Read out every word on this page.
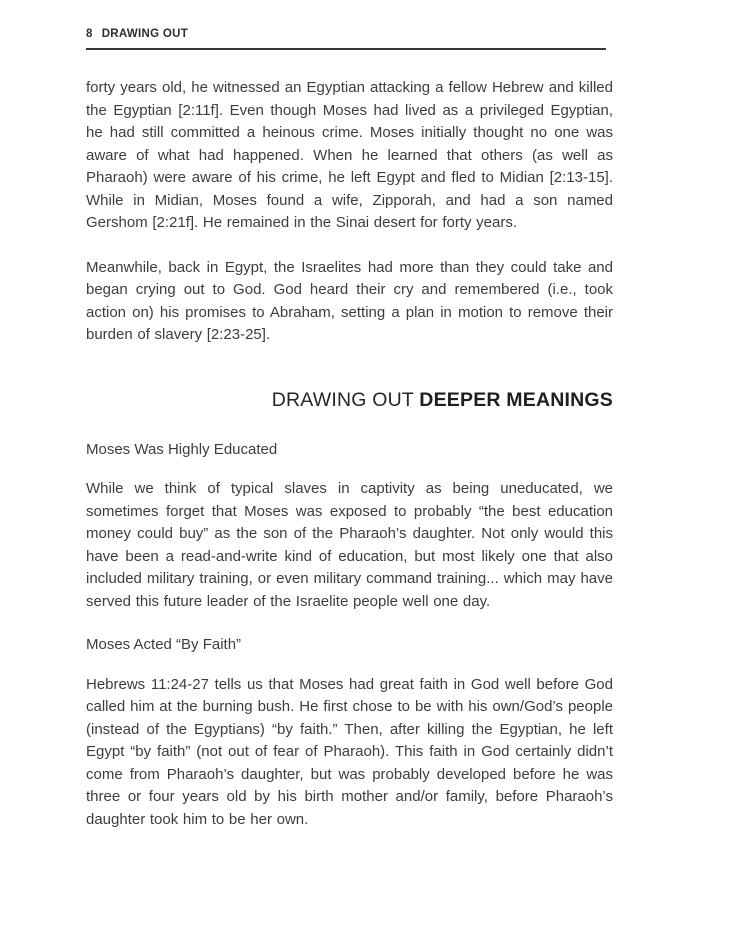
8 DRAWING OUT

forty years old, he witnessed an Egyptian attacking a fellow Hebrew and killed the Egyptian [2:11f]. Even though Moses had lived as a privileged Egyptian, he had still committed a heinous crime. Moses initially thought no one was aware of what had happened. When he learned that others (as well as Pharaoh) were aware of his crime, he left Egypt and fled to Midian [2:13-15]. While in Midian, Moses found a wife, Zipporah, and had a son named Gershom [2:21f]. He remained in the Sinai desert for forty years.

Meanwhile, back in Egypt, the Israelites had more than they could take and began crying out to God. God heard their cry and remembered (i.e., took action on) his promises to Abraham, setting a plan in motion to remove their burden of slavery [2:23-25].

DRAWING OUT DEEPER MEANINGS
Moses Was Highly Educated

While we think of typical slaves in captivity as being uneducated, we sometimes forget that Moses was exposed to probably “the best education money could buy” as the son of the Pharaoh’s daughter. Not only would this have been a read-and-write kind of education, but most likely one that also included military training, or even military command training... which may have served this future leader of the Israelite people well one day.

Moses Acted “By Faith”

Hebrews 11:24-27 tells us that Moses had great faith in God well before God called him at the burning bush. He first chose to be with his own/God’s people (instead of the Egyptians) “by faith.” Then, after killing the Egyptian, he left Egypt “by faith” (not out of fear of Pharaoh). This faith in God certainly didn’t come from Pharaoh’s daughter, but was probably developed before he was three or four years old by his birth mother and/or family, before Pharaoh’s daughter took him to be her own.
